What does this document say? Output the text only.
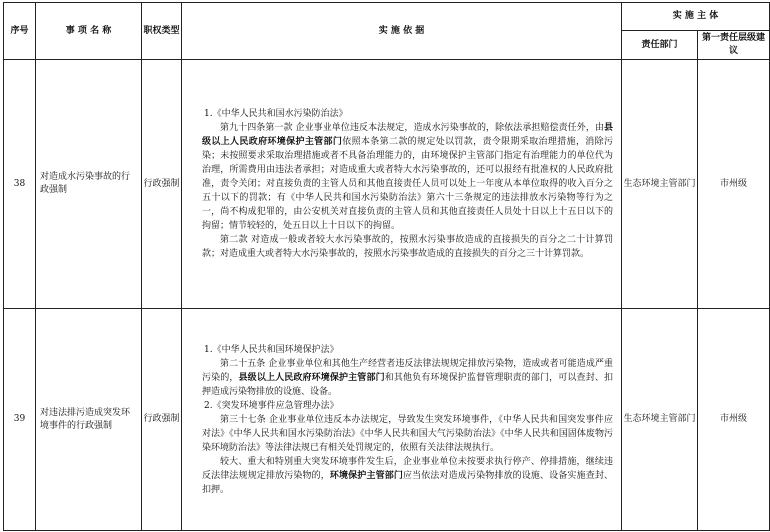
序号	事 项 名 称	职权类型	实 施 依 据	实 施 主 体	
				责任部门	第一责任层级建议
38	对造成水污染事故的行政强制	行政强制	1.《中华人民共和国水污染防治法》

第九十四条第一款 企业事业单位违反本法规定，造成水污染事故的，除依法承担赔偿责任外，由县级以上人民政府环境保护主管部门依照本条第二款的规定处以罚款，责令限期采取治理措施，消除污染；未按照要求采取治理措施或者不具备治理能力的，由环境保护主管部门指定有治理能力的单位代为治理，所需费用由违法者承担；对造成重大或者特大水污染事故的，还可以报经有批准权的人民政府批准，责令关闭；对直接负责的主管人员和其他直接责任人员可以处上一年度从本单位取得的收入百分之五十以下的罚款；有《中华人民共和国水污染防治法》第六十三条规定的违法排放水污染物等行为之一，尚不构成犯罪的，由公安机关对直接负责的主管人员和其他直接责任人员处十日以上十五日以下的拘留；情节较轻的，处五日以上十日以下的拘留。

第二款 对造成一般或者较大水污染事故的，按照水污染事故造成的直接损失的百分之二十计算罚款；对造成重大或者特大水污染事故的，按照水污染事故造成的直接损失的百分之三十计算罚款。	生态环境主管部门	市州级
39	对违法排污造成突发环境事件的行政强制	行政强制	1.《中华人民共和国环境保护法》

第二十五条 企业事业单位和其他生产经营者违反法律法规规定排放污染物，造成或者可能造成严重污染的，县级以上人民政府环境保护主管部门和其他负有环境保护监督管理职责的部门，可以查封、扣押造成污染物排放的设施、设备。

2.《突发环境事件应急管理办法》

第三十七条 企业事业单位违反本办法规定，导致发生突发环境事件，《中华人民共和国突发事件应对法》《中华人民共和国水污染防治法》《中华人民共和国大气污染防治法》《中华人民共和国固体废物污染环境防治法》等法律法规已有相关处罚规定的，依照有关法律法规执行。

较大、重大和特别重大突发环境事件发生后，企业事业单位未按要求执行停产、停排措施，继续违反法律法规规定排放污染物的，环境保护主管部门应当依法对造成污染物排放的设施、设备实施查封、扣押。	生态环境主管部门	市州级
